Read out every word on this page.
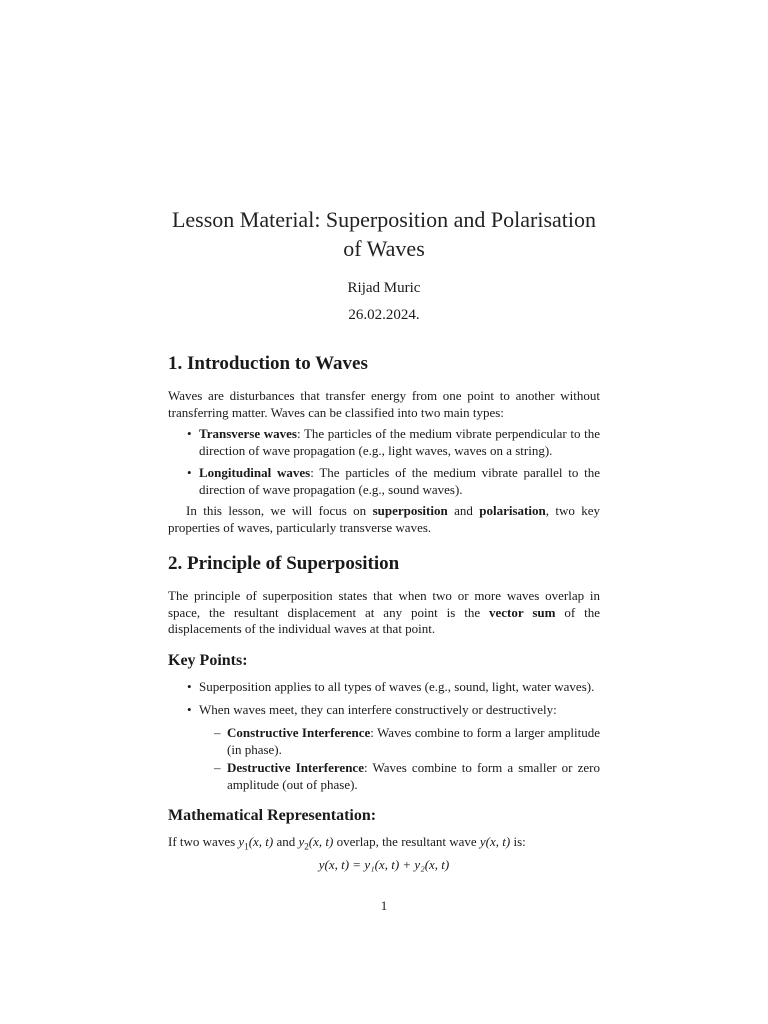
Lesson Material: Superposition and Polarisation
of Waves
Rijad Muric
26.02.2024.
1. Introduction to Waves
Waves are disturbances that transfer energy from one point to another without transferring matter. Waves can be classified into two main types:
• Transverse waves: The particles of the medium vibrate perpendicular to the direction of wave propagation (e.g., light waves, waves on a string).
• Longitudinal waves: The particles of the medium vibrate parallel to the direction of wave propagation (e.g., sound waves).
In this lesson, we will focus on superposition and polarisation, two key properties of waves, particularly transverse waves.
2. Principle of Superposition
The principle of superposition states that when two or more waves overlap in space, the resultant displacement at any point is the vector sum of the displacements of the individual waves at that point.
Key Points:
• Superposition applies to all types of waves (e.g., sound, light, water waves).
• When waves meet, they can interfere constructively or destructively:
– Constructive Interference: Waves combine to form a larger amplitude (in phase).
– Destructive Interference: Waves combine to form a smaller or zero amplitude (out of phase).
Mathematical Representation:
If two waves $y_1(x$, t) and $y_2(x$, t) overlap, the resultant wave y(x, t) is:
y(x, t) = y₁(x, t) + y₂(x, t)
1
